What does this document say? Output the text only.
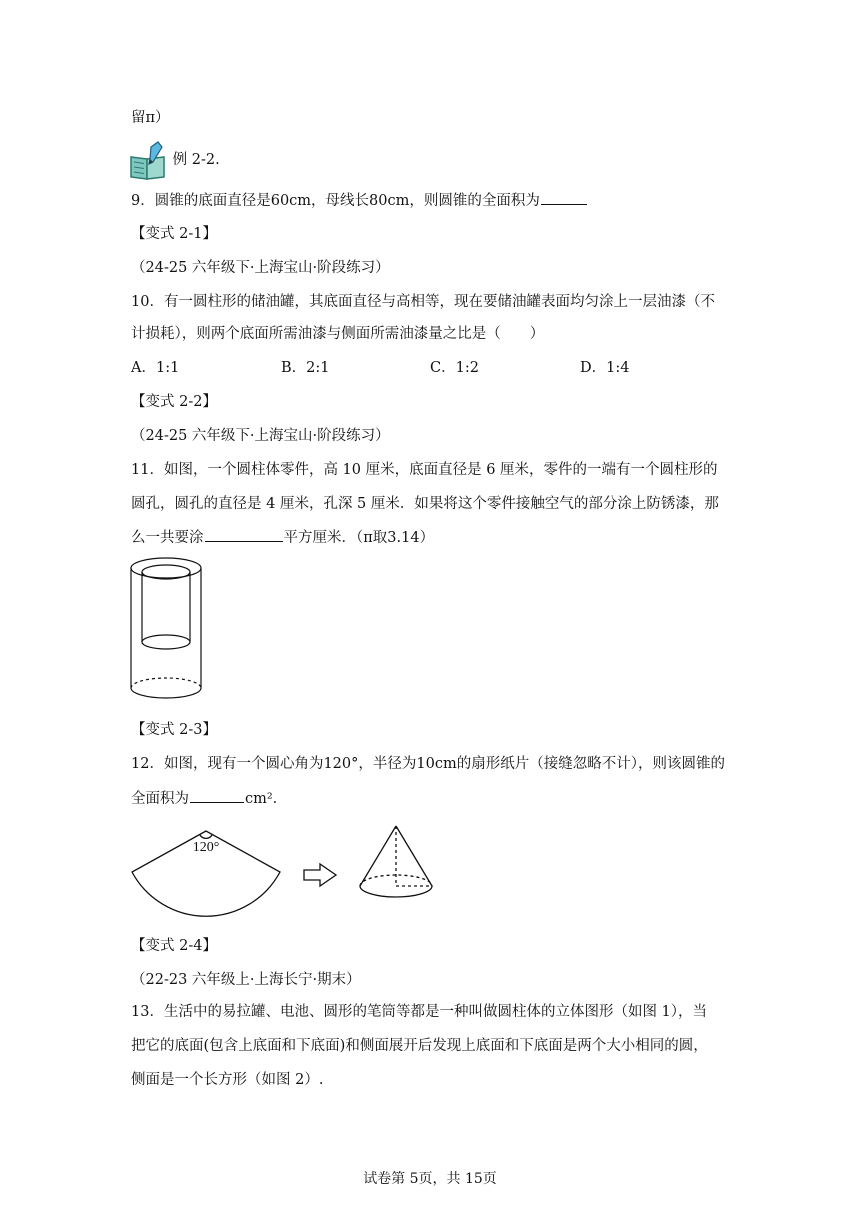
留π）
例 2-2.
9．圆锥的底面直径是60cm，母线长80cm，则圆锥的全面积为
【变式 2-1】
（24-25 六年级下·上海宝山·阶段练习）
10．有一圆柱形的储油罐，其底面直径与高相等，现在要储油罐表面均匀涂上一层油漆（不
计损耗），则两个底面所需油漆与侧面所需油漆量之比是（　　）
A．1:1	B．2:1	C．1:2	D．1:4
【变式 2-2】
（24-25 六年级下·上海宝山·阶段练习）
11．如图，一个圆柱体零件，高 10 厘米，底面直径是 6 厘米，零件的一端有一个圆柱形的
圆孔，圆孔的直径是 4 厘米，孔深 5 厘米．如果将这个零件接触空气的部分涂上防锈漆，那
么一共要涂	平方厘米．（π取3.14）
【变式 2-3】
12．如图，现有一个圆心角为120°，半径为10cm的扇形纸片（接缝忽略不计），则该圆锥的
全面积为	cm²．
120°
【变式 2-4】
（22-23 六年级上·上海长宁·期末）
13．生活中的易拉罐、电池、圆形的笔筒等都是一种叫做圆柱体的立体图形（如图 1），当
把它的底面(包含上底面和下底面)和侧面展开后发现上底面和下底面是两个大小相同的圆，
侧面是一个长方形（如图 2）.
试卷第 5页，共 15页
